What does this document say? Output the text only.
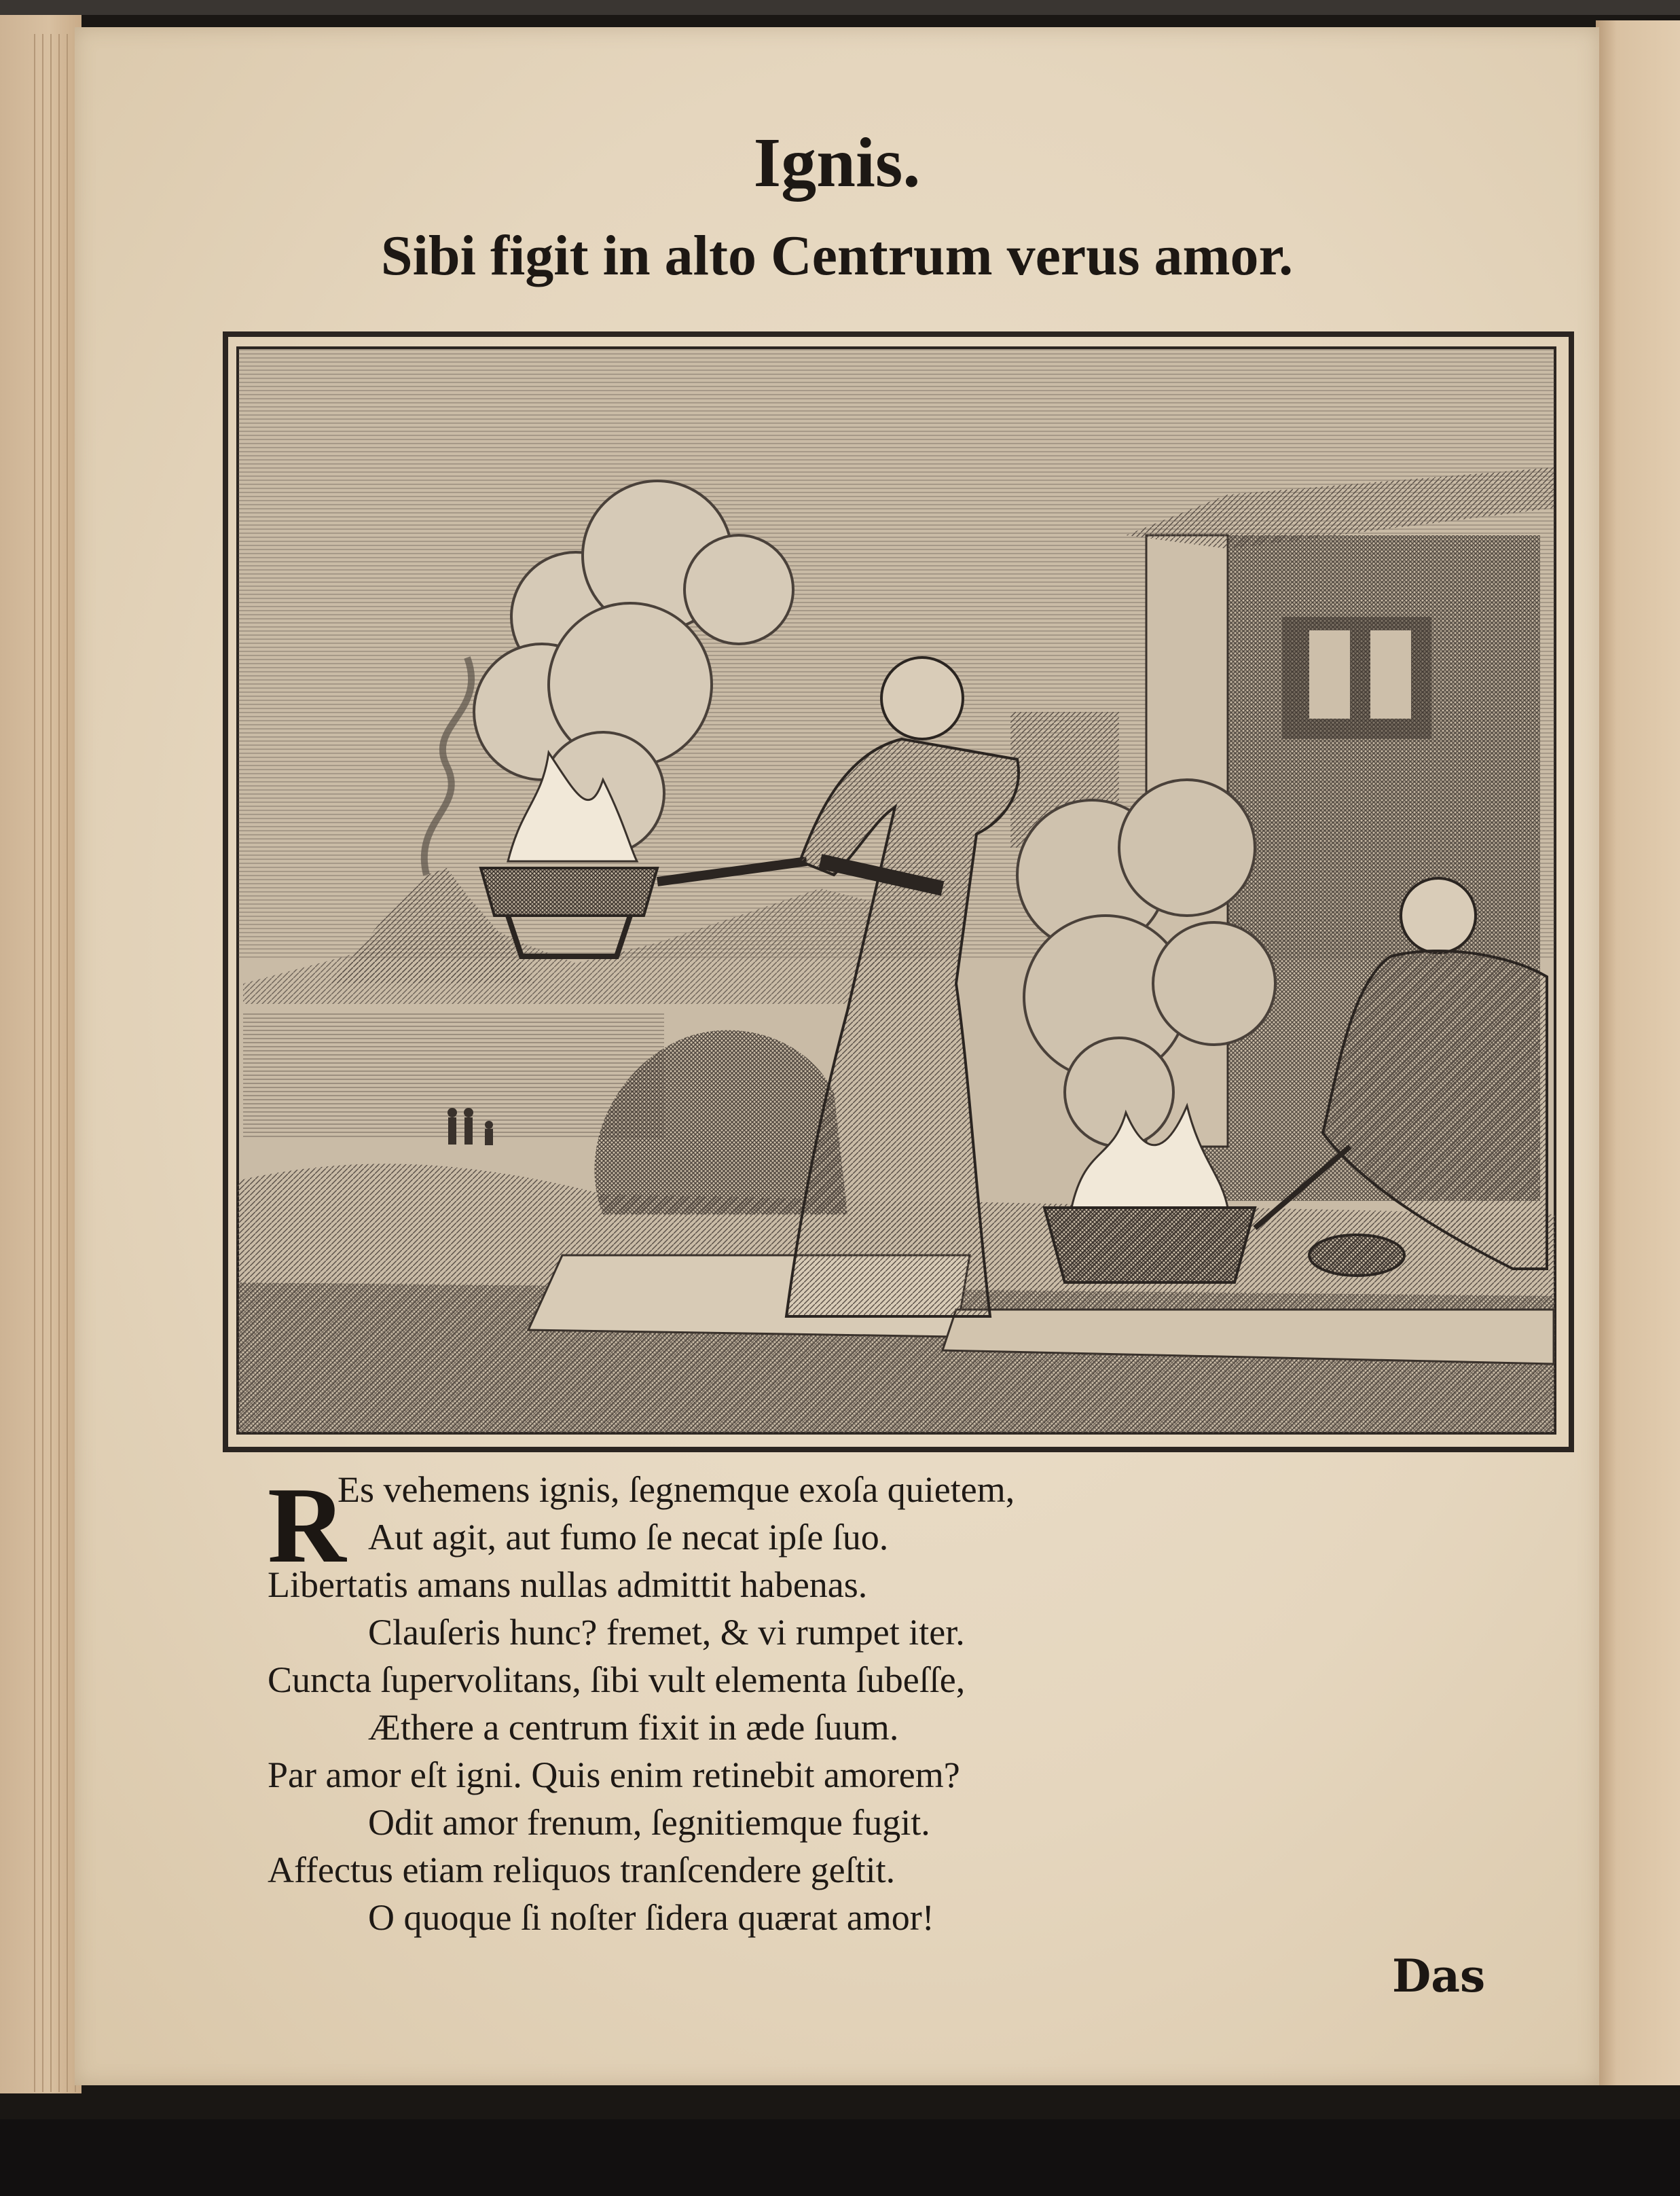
Ignis.
Sibi figit in alto Centrum verus amor.
R
Es vehemens ignis, ſegnemque exoſa quietem,
Aut agit, aut fumo ſe necat ipſe ſuo.
Libertatis amans nullas admittit habenas.
Clauſeris hunc? fremet, & vi rumpet iter.
Cuncta ſupervolitans, ſibi vult elementa ſubeſſe,
Æthere a centrum fixit in æde ſuum.
Par amor eſt igni. Quis enim retinebit amorem?
Odit amor frenum, ſegnitiemque fugit.
Affectus etiam reliquos tranſcendere geſtit.
O quoque ſi noſter ſidera quærat amor!
Das
